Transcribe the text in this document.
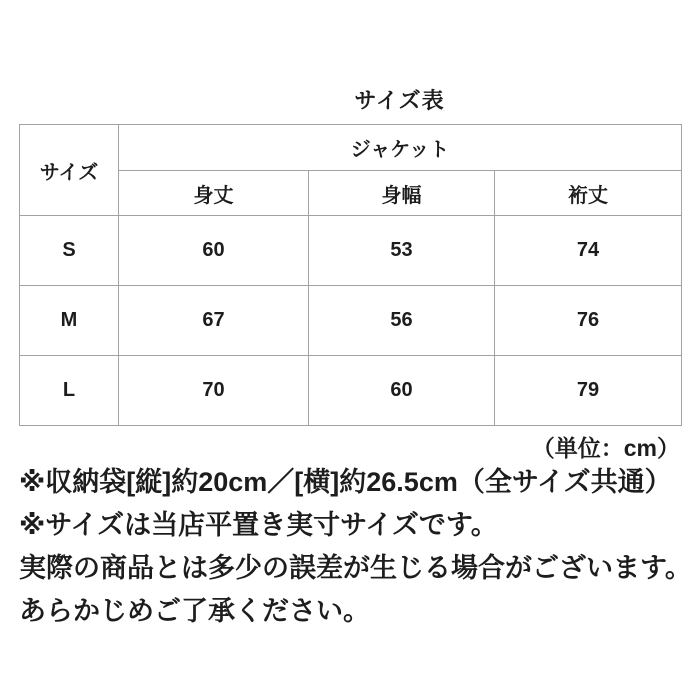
サイズ表
サイズ	ジャケット		
	身丈	身幅	裄丈
S	60	53	74
M	67	56	76
L	70	60	79
（単位：cm）
※収納袋[縦]約20cm／[横]約26.5cm（全サイズ共通）
※サイズは当店平置き実寸サイズです。
実際の商品とは多少の誤差が生じる場合がございます。
あらかじめご了承ください。
